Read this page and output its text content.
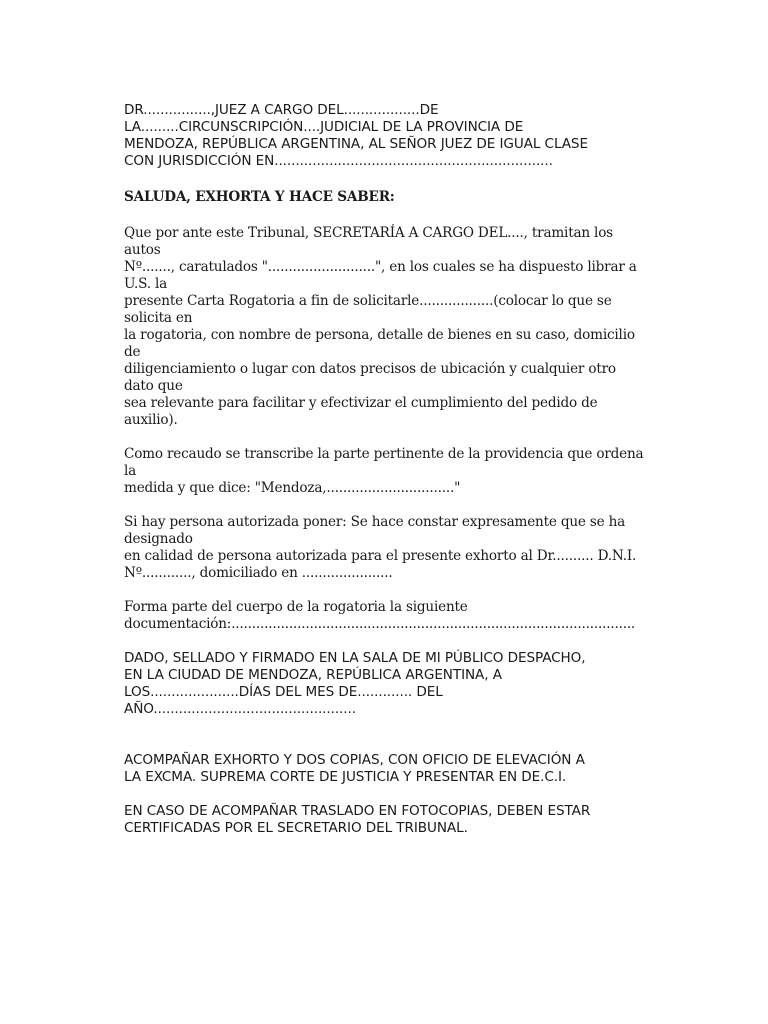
DR................,JUEZ A CARGO DEL..................DE
LA.........CIRCUNSCRIPCIÓN....JUDICIAL DE LA PROVINCIA DE
MENDOZA, REPÚBLICA ARGENTINA, AL SEÑOR JUEZ DE IGUAL CLASE
CON JURISDICCIÓN EN..................................................................

SALUDA, EXHORTA Y HACE SABER:

Que por ante este Tribunal, SECRETARÍA A CARGO DEL...., tramitan los autos
Nº......., caratulados "..........................", en los cuales se ha dispuesto librar a U.S. la
presente Carta Rogatoria a fin de solicitarle..................(colocar lo que se solicita en
la rogatoria, con nombre de persona, detalle de bienes en su caso, domicilio de
diligenciamiento o lugar con datos precisos de ubicación y cualquier otro dato que
sea relevante para facilitar y efectivizar el cumplimiento del pedido de auxilio).

Como recaudo se transcribe la parte pertinente de la providencia que ordena la
medida y que dice: "Mendoza,..............................."

Si hay persona autorizada poner: Se hace constar expresamente que se ha designado
en calidad de persona autorizada para el presente exhorto al Dr.......... D.N.I.
Nº............, domiciliado en ......................

Forma parte del cuerpo de la rogatoria la siguiente
documentación:..................................................................................................

DADO, SELLADO Y FIRMADO EN LA SALA DE MI PÚBLICO DESPACHO,
EN LA CIUDAD DE MENDOZA, REPÚBLICA ARGENTINA, A
LOS.....................DÍAS DEL MES DE............. DEL
AÑO................................................

ACOMPAÑAR EXHORTO Y DOS COPIAS, CON OFICIO DE ELEVACIÓN A
LA EXCMA. SUPREMA CORTE DE JUSTICIA Y PRESENTAR EN DE.C.I.

EN CASO DE ACOMPAÑAR TRASLADO EN FOTOCOPIAS, DEBEN ESTAR
CERTIFICADAS POR EL SECRETARIO DEL TRIBUNAL.
